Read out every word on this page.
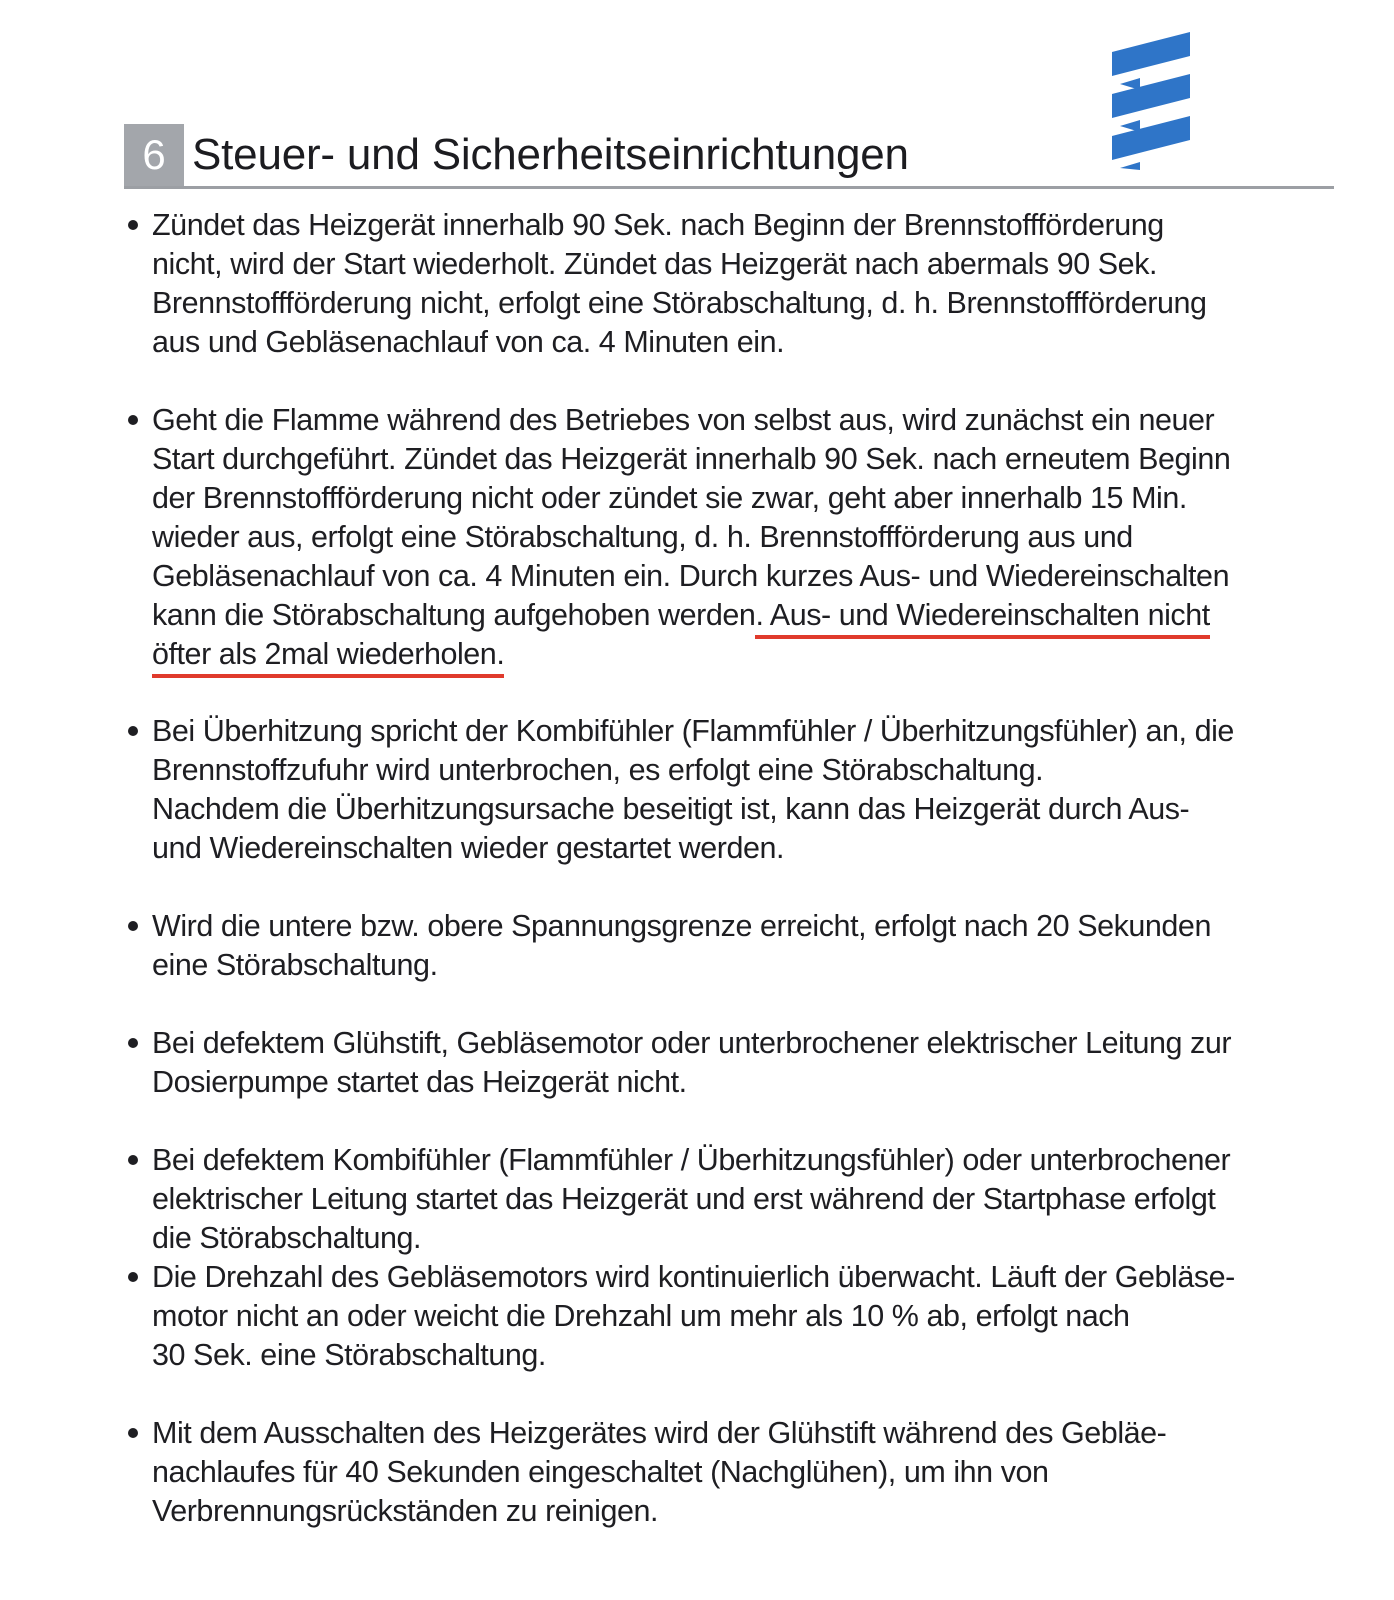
6 Steuer- und Sicherheitseinrichtungen
Zündet das Heizgerät innerhalb 90 Sek. nach Beginn der Brennstoffförderung
nicht, wird der Start wiederholt. Zündet das Heizgerät nach abermals 90 Sek.
Brennstoffförderung nicht, erfolgt eine Störabschaltung, d. h. Brennstoffförderung
aus und Gebläsenachlauf von ca. 4 Minuten ein.
Geht die Flamme während des Betriebes von selbst aus, wird zunächst ein neuer
Start durchgeführt. Zündet das Heizgerät innerhalb 90 Sek. nach erneutem Beginn
der Brennstoffförderung nicht oder zündet sie zwar, geht aber innerhalb 15 Min.
wieder aus, erfolgt eine Störabschaltung, d. h. Brennstoffförderung aus und
Gebläsenachlauf von ca. 4 Minuten ein. Durch kurzes Aus- und Wiedereinschalten
kann die Störabschaltung aufgehoben werden. Aus- und Wiedereinschalten nicht
öfter als 2mal wiederholen.
Bei Überhitzung spricht der Kombifühler (Flammfühler / Überhitzungsfühler) an, die
Brennstoffzufuhr wird unterbrochen, es erfolgt eine Störabschaltung.
Nachdem die Überhitzungsursache beseitigt ist, kann das Heizgerät durch Aus-
und Wiedereinschalten wieder gestartet werden.
Wird die untere bzw. obere Spannungsgrenze erreicht, erfolgt nach 20 Sekunden
eine Störabschaltung.
Bei defektem Glühstift, Gebläsemotor oder unterbrochener elektrischer Leitung zur
Dosierpumpe startet das Heizgerät nicht.
Bei defektem Kombifühler (Flammfühler / Überhitzungsfühler) oder unterbrochener
elektrischer Leitung startet das Heizgerät und erst während der Startphase erfolgt
die Störabschaltung.
Die Drehzahl des Gebläsemotors wird kontinuierlich überwacht. Läuft der Gebläse-
motor nicht an oder weicht die Drehzahl um mehr als 10 % ab, erfolgt nach
30 Sek. eine Störabschaltung.
Mit dem Ausschalten des Heizgerätes wird der Glühstift während des Gebläe-
nachlaufes für 40 Sekunden eingeschaltet (Nachglühen), um ihn von
Verbrennungsrückständen zu reinigen.
